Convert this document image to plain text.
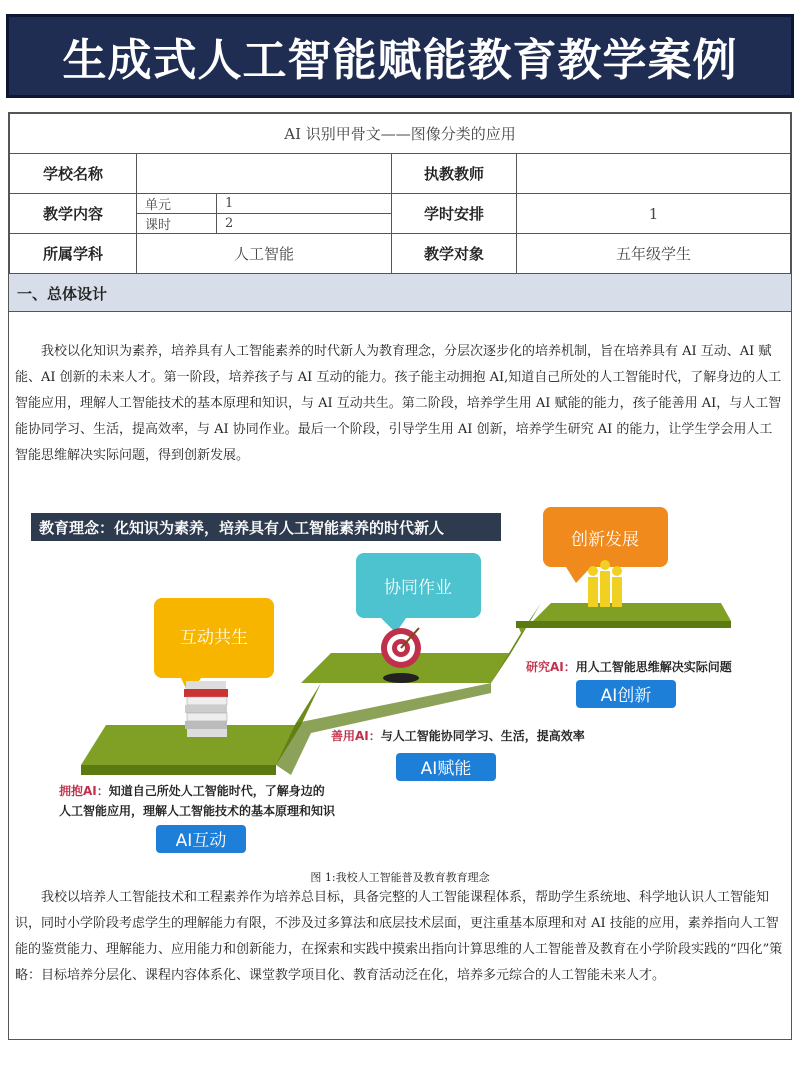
生成式人工智能赋能教育教学案例
AI 识别甲骨文——图像分类的应用				
学校名称			执教教师	
教学内容	单元	1	学时安排	1
	课时	2		
所属学科	人工智能		教学对象	五年级学生
一、总体设计

我校以化知识为素养，培养具有人工智能素养的时代新人为教育理念，分层次逐步化的培养机制，旨在培养具有 AI 互动、AI 赋能、AI 创新的未来人才。第一阶段，培养孩子与 AI 互动的能力。孩子能主动拥抱 AI,知道自己所处的人工智能时代，了解身边的人工智能应用，理解人工智能技术的基本原理和知识，与 AI 互动共生。第二阶段，培养学生用 AI 赋能的能力，孩子能善用 AI，与人工智能协同学习、生活，提高效率，与 AI 协同作业。最后一个阶段，引导学生用 AI 创新，培养学生研究 AI 的能力，让学生学会用人工智能思维解决实际问题，得到创新发展。

教育理念：化知识为素养，培养具有人工智能素养的时代新人
互动共生
协同作业
创新发展
研究AI：用人工智能思维解决实际问题
AI创新
善用AI：与人工智能协同学习、生活，提高效率
AI赋能
拥抱AI：知道自己所处人工智能时代，了解身边的
人工智能应用，理解人工智能技术的基本原理和知识
AI互动
图 1:我校人工智能普及教育教育理念

我校以培养人工智能技术和工程素养作为培养总目标，具备完整的人工智能课程体系，帮助学生系统地、科学地认识人工智能知识，同时小学阶段考虑学生的理解能力有限，不涉及过多算法和底层技术层面，更注重基本原理和对 AI 技能的应用，素养指向人工智能的鉴赏能力、理解能力、应用能力和创新能力，在探索和实践中摸索出指向计算思维的人工智能普及教育在小学阶段实践的“四化”策略：目标培养分层化、课程内容体系化、课堂教学项目化、教育活动泛在化，培养多元综合的人工智能未来人才。
